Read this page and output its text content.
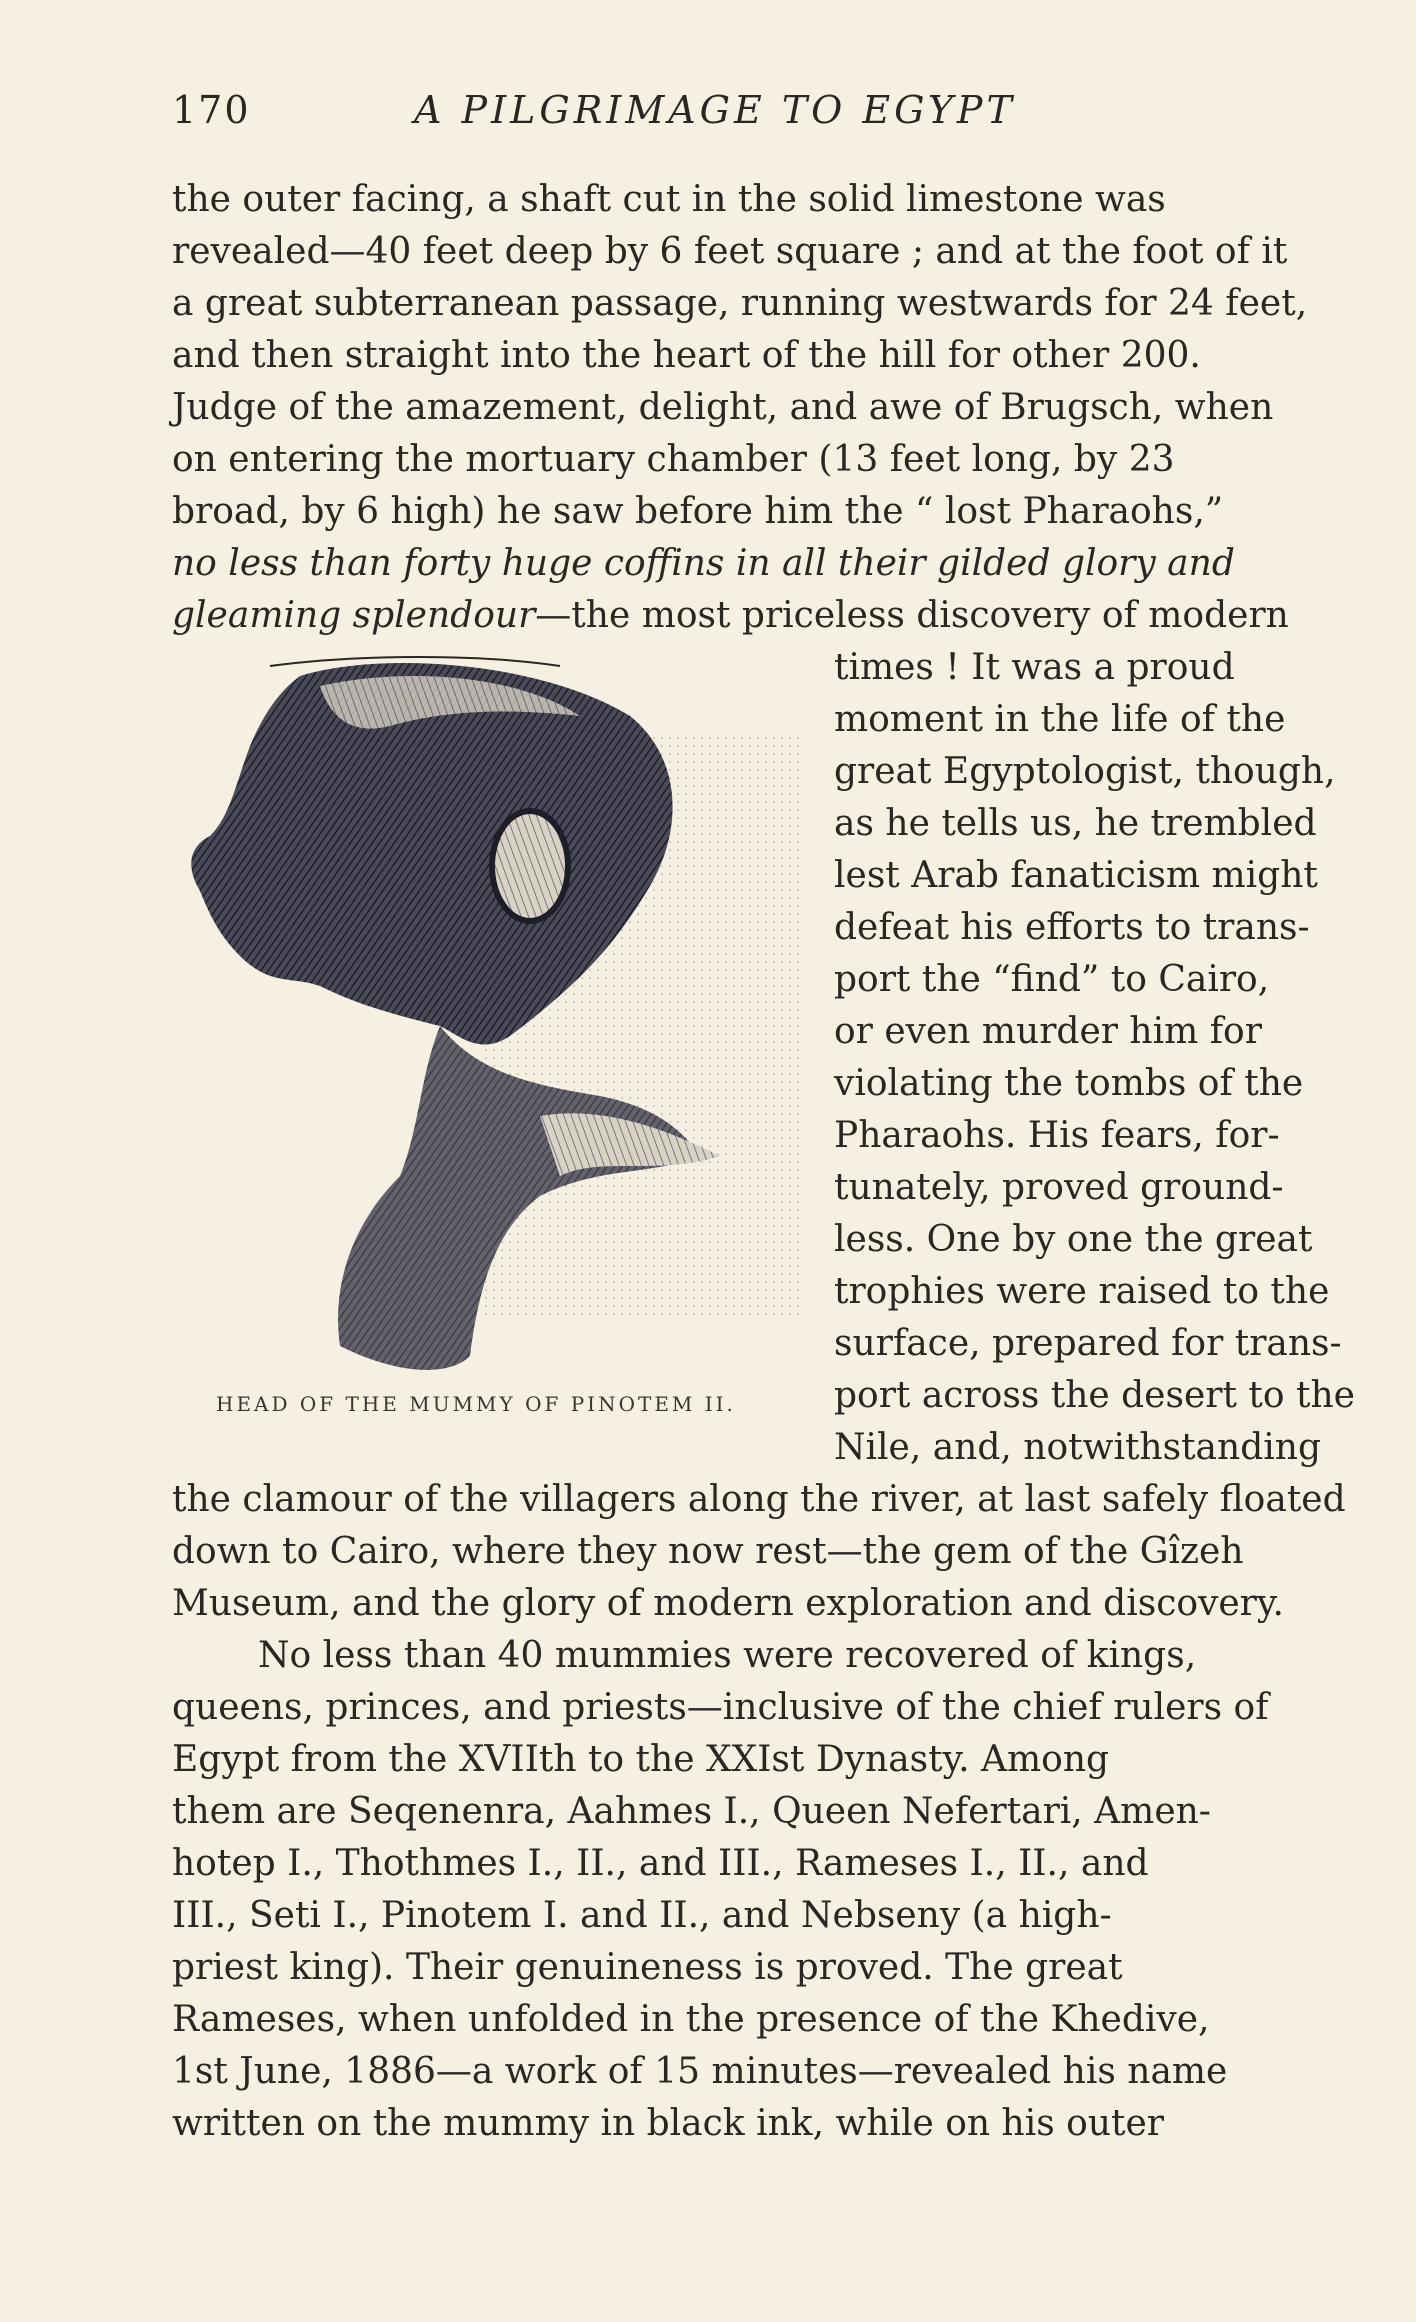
170	A PILGRIMAGE TO EGYPT
the outer facing, a shaft cut in the solid limestone was
revealed—40 feet deep by 6 feet square ; and at the foot of it
a great subterranean passage, running westwards for 24 feet,
and then straight into the heart of the hill for other 200.
Judge of the amazement, delight, and awe of Brugsch, when
on entering the mortuary chamber (13 feet long, by 23
broad, by 6 high) he saw before him the “ lost Pharaohs,”
no less than forty huge coffins in all their gilded glory and
gleaming splendour—the most priceless discovery of modern
times ! It was a proud
moment in the life of the
great Egyptologist, though,
as he tells us, he trembled
lest Arab fanaticism might
defeat his efforts to trans-
port the “find” to Cairo,
or even murder him for
violating the tombs of the
Pharaohs. His fears, for-
tunately, proved ground-
less. One by one the great
trophies were raised to the
surface, prepared for trans-
port across the desert to the
Nile, and, notwithstanding
HEAD OF THE MUMMY OF PINOTEM II.
the clamour of the villagers along the river, at last safely floated
down to Cairo, where they now rest—the gem of the Gîzeh
Museum, and the glory of modern exploration and discovery.
No less than 40 mummies were recovered of kings,
queens, princes, and priests—inclusive of the chief rulers of
Egypt from the XVIIth to the XXIst Dynasty. Among
them are Seqenenra, Aahmes I., Queen Nefertari, Amen-
hotep I., Thothmes I., II., and III., Rameses I., II., and
III., Seti I., Pinotem I. and II., and Nebseny (a high-
priest king). Their genuineness is proved. The great
Rameses, when unfolded in the presence of the Khedive,
1st June, 1886—a work of 15 minutes—revealed his name
written on the mummy in black ink, while on his outer
